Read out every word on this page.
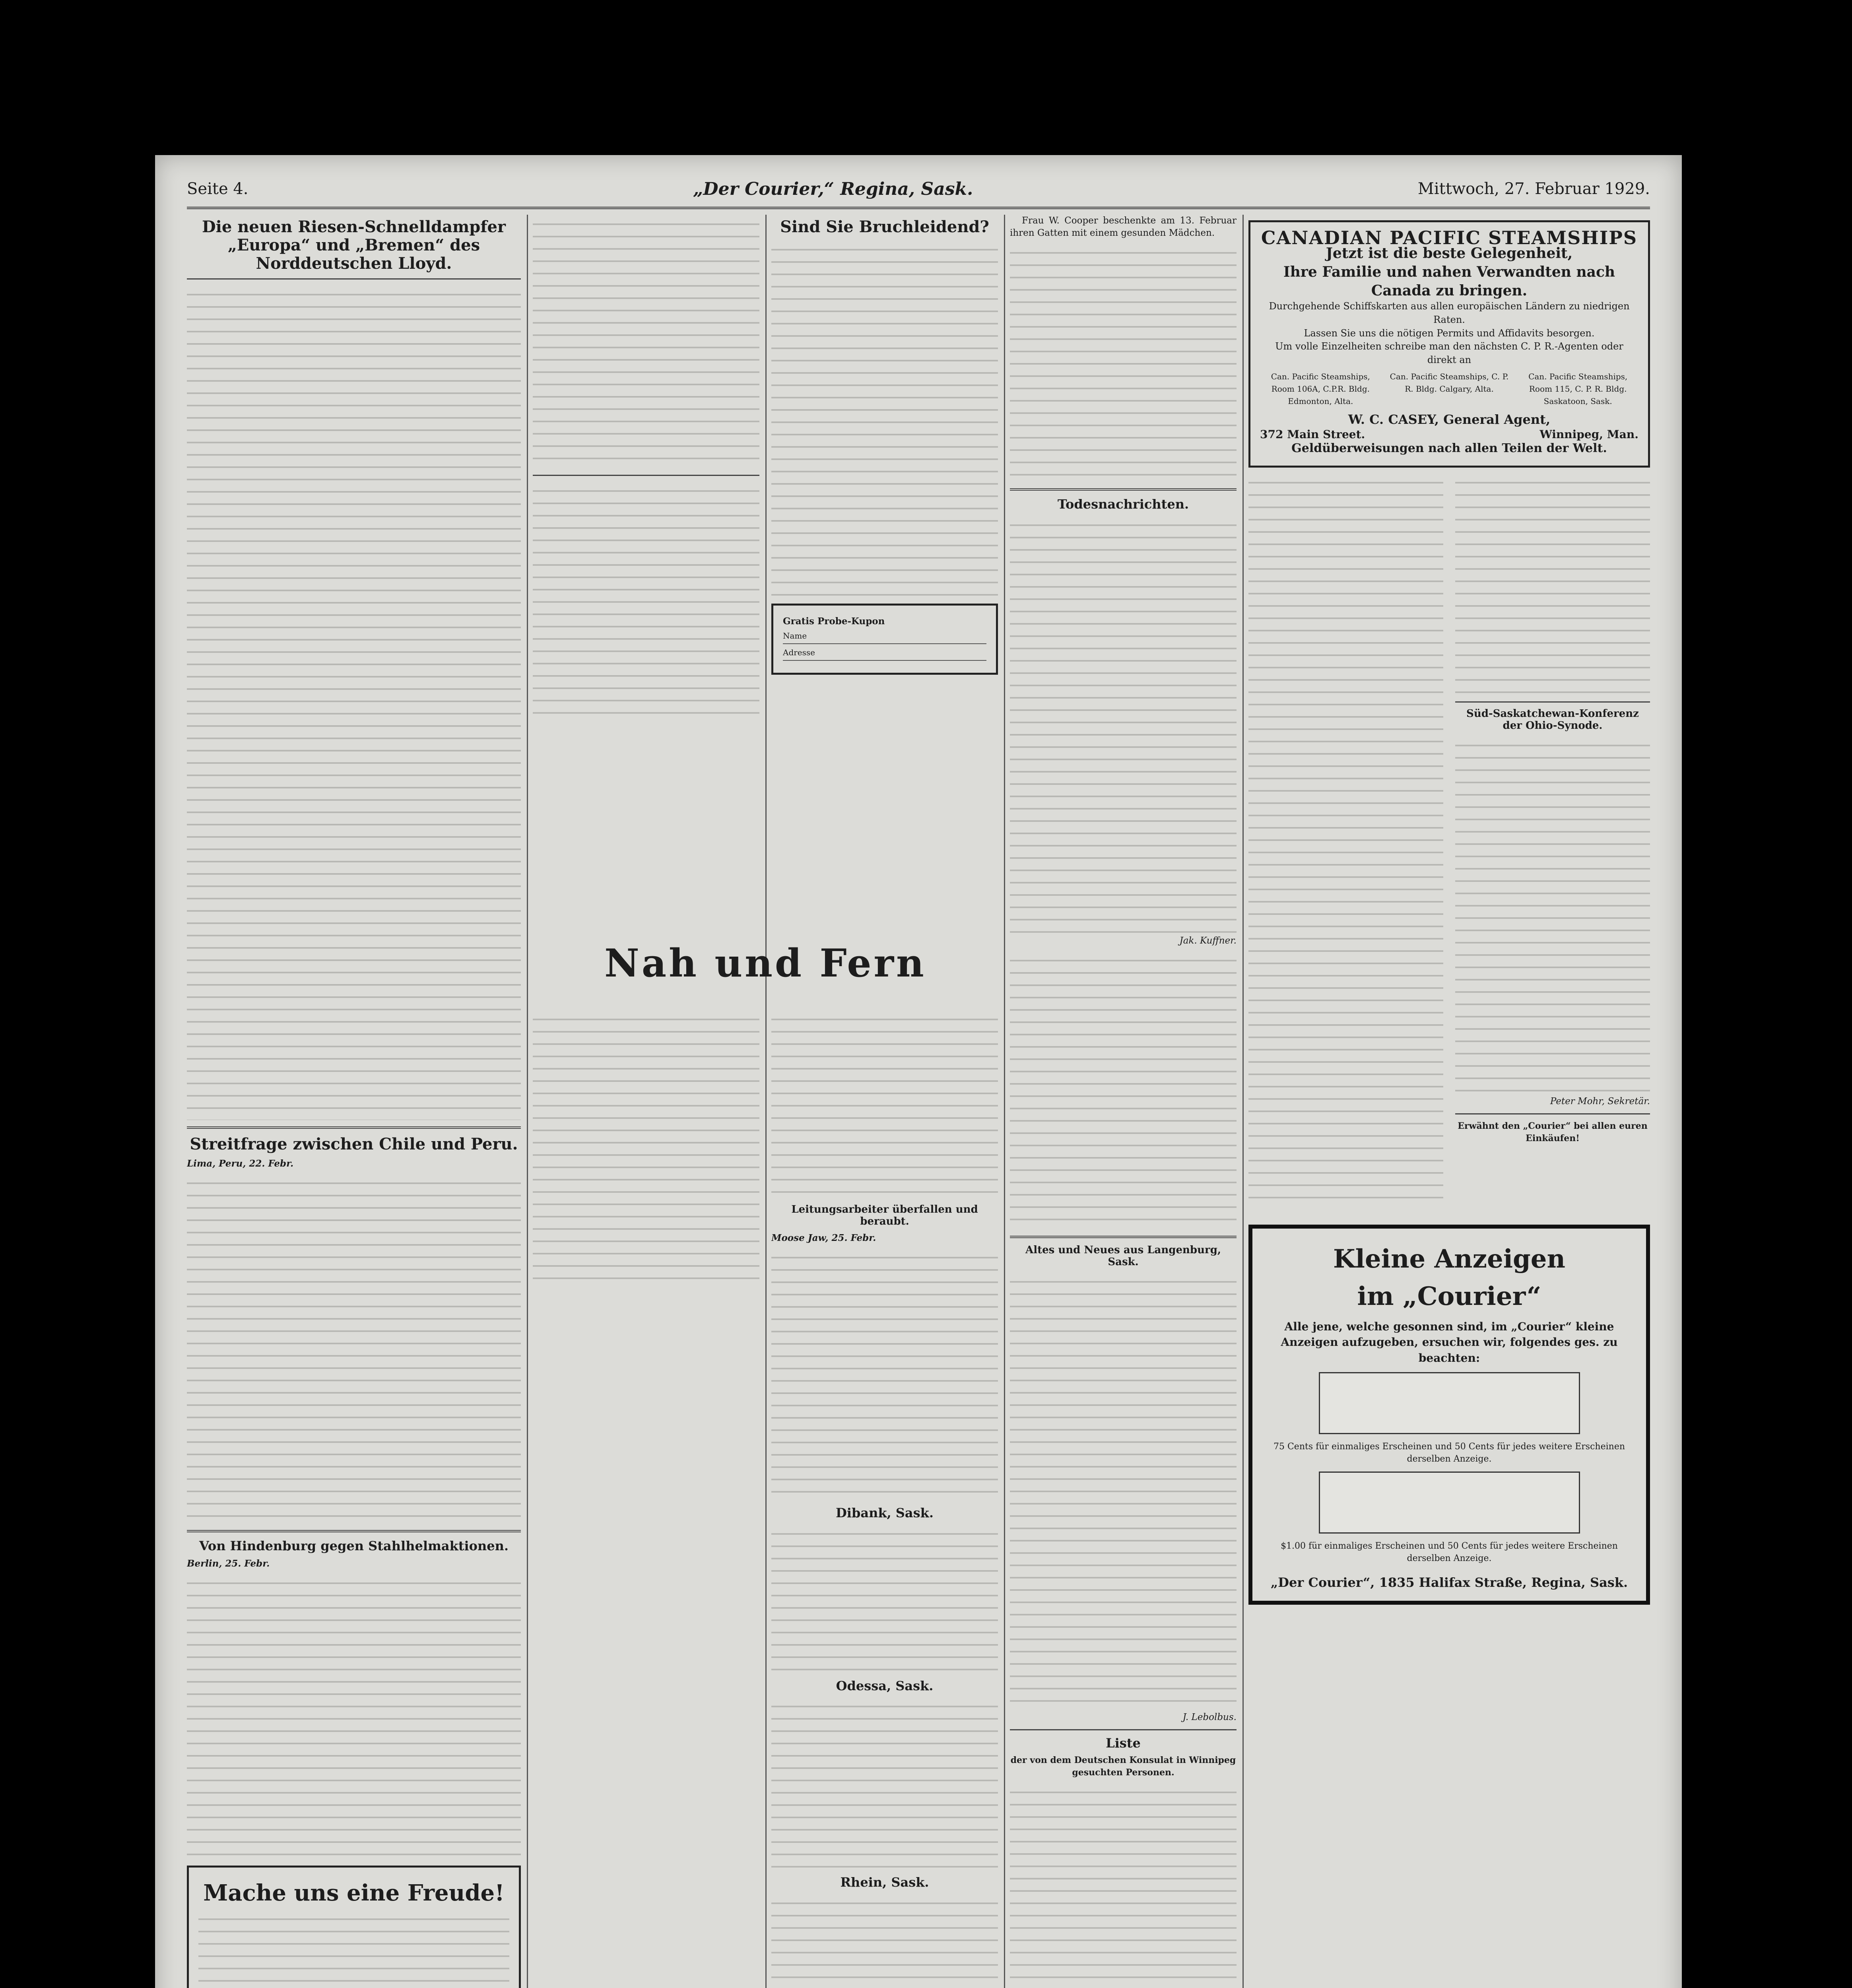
Seite 4.	„Der Courier,“ Regina, Sask.	Mittwoch, 27. Februar 1929.
Die neuen Riesen-Schnelldampfer „Europa“ und „Bremen“ des Norddeutschen Lloyd.
Streitfrage zwischen Chile und Peru.
Lima, Peru, 22. Febr.
Von Hindenburg gegen Stahlhelmaktionen.
Berlin, 25. Febr.
Mache uns eine Freude!
Sind Sie Bruchleidend?
Gratis Probe-Kupon
Name
Adresse
Nah und Fern
Leitungsarbeiter überfallen und beraubt.
Moose Jaw, 25. Febr.
Dibank, Sask.
Odessa, Sask.
Rhein, Sask.

Frau W. Cooper beschenkte am 13. Februar ihren Gatten mit einem gesunden Mädchen.

Todesnachrichten.
Jak. Kuffner.
Altes und Neues aus Langenburg, Sask.
J. Lebolbus.
Liste
der von dem Deutschen Konsulat in Winnipeg gesuchten Personen.
CANADIAN PACIFIC STEAMSHIPS
Jetzt ist die beste Gelegenheit,
Ihre Familie und nahen Verwandten nach Canada zu bringen.
Durchgehende Schiffskarten aus allen europäischen Ländern zu niedrigen Raten.
Lassen Sie uns die nötigen Permits und Affidavits besorgen.
Um volle Einzelheiten schreibe man den nächsten C. P. R.-Agenten oder direkt an
Can. Pacific Steamships, Room 106A, C.P.R. Bldg. Edmonton, Alta.
Can. Pacific Steamships, C. P. R. Bldg. Calgary, Alta.
Can. Pacific Steamships, Room 115, C. P. R. Bldg. Saskatoon, Sask.
W. C. CASEY, General Agent,
372 Main Street.	Winnipeg, Man.
Geldüberweisungen nach allen Teilen der Welt.
Süd-Saskatchewan-Konferenz der Ohio-Synode.
Peter Mohr, Sekretär.
Erwähnt den „Courier“ bei allen euren Einkäufen!
Kleine Anzeigen
im „Courier“
Alle jene, welche gesonnen sind, im „Courier“ kleine Anzeigen aufzugeben, ersuchen wir, folgendes ges. zu beachten:
75 Cents für einmaliges Erscheinen und 50 Cents für jedes weitere Erscheinen derselben Anzeige.
$1.00 für einmaliges Erscheinen und 50 Cents für jedes weitere Erscheinen derselben Anzeige.
„Der Courier“, 1835 Halifax Straße, Regina, Sask.
